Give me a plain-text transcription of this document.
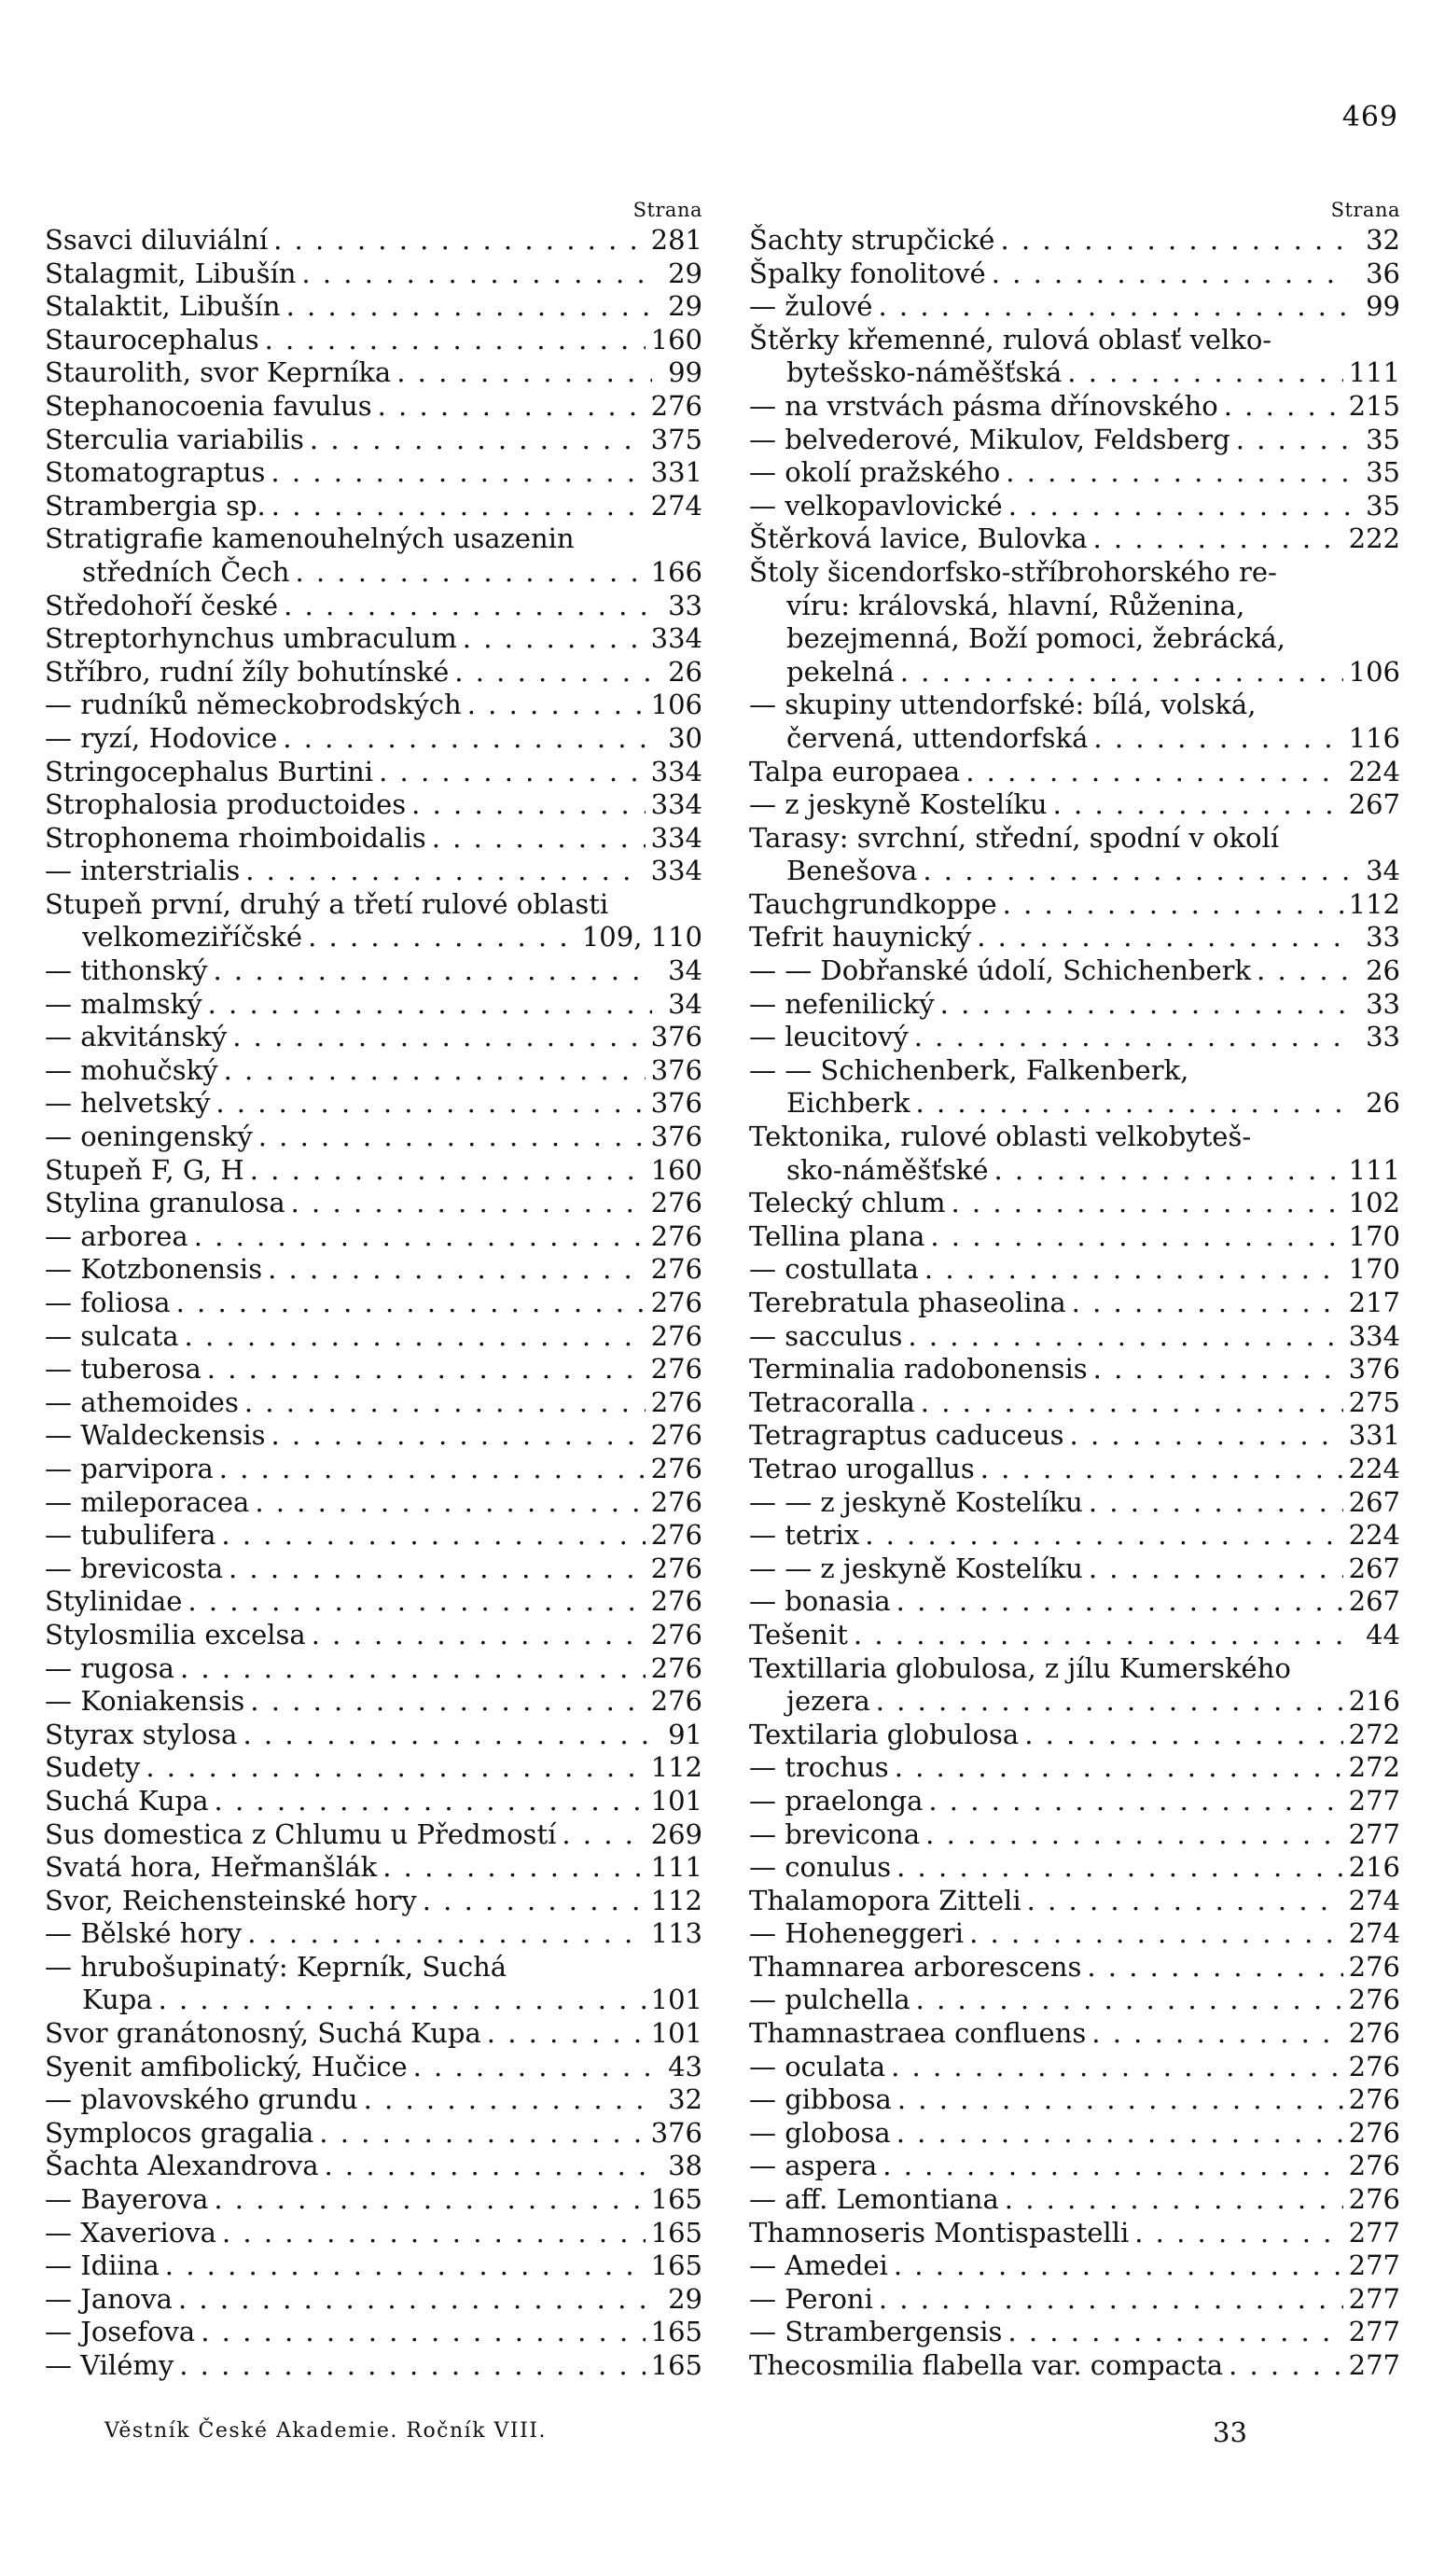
469
Strana
Ssavci diluviální . . .	281
Stalagmit, Libušín . . .	29
Stalaktit, Libušín . . .	29
Staurocephalus . . .	160
Staurolith, svor Keprníka . . .	99
Stephanocoenia favulus . . .	276
Sterculia variabilis . . .	375
Stomatograptus . . .	331
Strambergia sp. . . .	274
Stratigrafie kamenouhelných usazenin
středních Čech . . .	166
Středohoří české . . .	33
Streptorhynchus umbraculum . . .	334
Stříbro, rudní žíly bohutínské . . .	26
— rudníků německobrodských . . .	106
— ryzí, Hodovice . . .	30
Stringocephalus Burtini . . .	334
Strophalosia productoides . . .	334
Strophonema rhoimboidalis . . .	334
— interstrialis . . .	334
Stupeň první, druhý a třetí rulové oblasti
velkomeziříčské . . .	109, 110
— tithonský . . .	34
— malmský . . .	34
— akvitánský . . .	376
— mohučský . . .	376
— helvetský . . .	376
— oeningenský . . .	376
Stupeň F, G, H . . .	160
Stylina granulosa . . .	276
— arborea . . .	276
— Kotzbonensis . . .	276
— foliosa . . .	276
— sulcata . . .	276
— tuberosa . . .	276
— athemoides . . .	276
— Waldeckensis . . .	276
— parvipora . . .	276
— mileporacea . . .	276
— tubulifera . . .	276
— brevicosta . . .	276
Stylinidae . . .	276
Stylosmilia excelsa . . .	276
— rugosa . . .	276
— Koniakensis . . .	276
Styrax stylosa . . .	91
Sudety . . .	112
Suchá Kupa . . .	101
Sus domestica z Chlumu u Předmostí . . .	269
Svatá hora, Heřmanšlák . . .	111
Svor, Reichensteinské hory . . .	112
— Bělské hory . . .	113
— hrubošupinatý: Keprník, Suchá
Kupa . . .	101
Svor granátonosný, Suchá Kupa . . .	101
Syenit amfibolický, Hučice . . .	43
— plavovského grundu . . .	32
Symplocos gragalia . . .	376
Šachta Alexandrova . . .	38
— Bayerova . . .	165
— Xaveriova . . .	165
— Idiina . . .	165
— Janova . . .	29
— Josefova . . .	165
— Vilémy . . .	165
Strana
Šachty strupčické . . .	32
Špalky fonolitové . . .	36
— žulové . . .	99
Štěrky křemenné, rulová oblasť velko-
bytešsko-náměšťská . . .	111
— na vrstvách pásma dřínovského . . .	215
— belvederové, Mikulov, Feldsberg . . .	35
— okolí pražského . . .	35
— velkopavlovické . . .	35
Štěrková lavice, Bulovka . . .	222
Štoly šicendorfsko-stříbrohorského re-
víru: královská, hlavní, Růženina,
bezejmenná, Boží pomoci, žebrácká,
pekelná . . .	106
— skupiny uttendorfské: bílá, volská,
červená, uttendorfská . . .	116
Talpa europaea . . .	224
— z jeskyně Kostelíku . . .	267
Tarasy: svrchní, střední, spodní v okolí
Benešova . . .	34
Tauchgrundkoppe . . .	112
Tefrit hauynický . . .	33
— — Dobřanské údolí, Schichenberk . . .	26
— nefenilický . . .	33
— leucitový . . .	33
— — Schichenberk, Falkenberk,
Eichberk . . .	26
Tektonika, rulové oblasti velkobyteš-
sko-náměšťské . . .	111
Telecký chlum . . .	102
Tellina plana . . .	170
— costullata . . .	170
Terebratula phaseolina . . .	217
— sacculus . . .	334
Terminalia radobonensis . . .	376
Tetracoralla . . .	275
Tetragraptus caduceus . . .	331
Tetrao urogallus . . .	224
— — z jeskyně Kostelíku . . .	267
— tetrix . . .	224
— — z jeskyně Kostelíku . . .	267
— bonasia . . .	267
Tešenit . . .	44
Textillaria globulosa, z jílu Kumerského
jezera . . .	216
Textilaria globulosa . . .	272
— trochus . . .	272
— praelonga . . .	277
— brevicona . . .	277
— conulus . . .	216
Thalamopora Zitteli . . .	274
— Hoheneggeri . . .	274
Thamnarea arborescens . . .	276
— pulchella . . .	276
Thamnastraea confluens . . .	276
— oculata . . .	276
— gibbosa . . .	276
— globosa . . .	276
— aspera . . .	276
— aff. Lemontiana . . .	276
Thamnoseris Montispastelli . . .	277
— Amedei . . .	277
— Peroni . . .	277
— Strambergensis . . .	277
Thecosmilia flabella var. compacta . . .	277
Věstník České Akademie. Ročník VIII.	33
